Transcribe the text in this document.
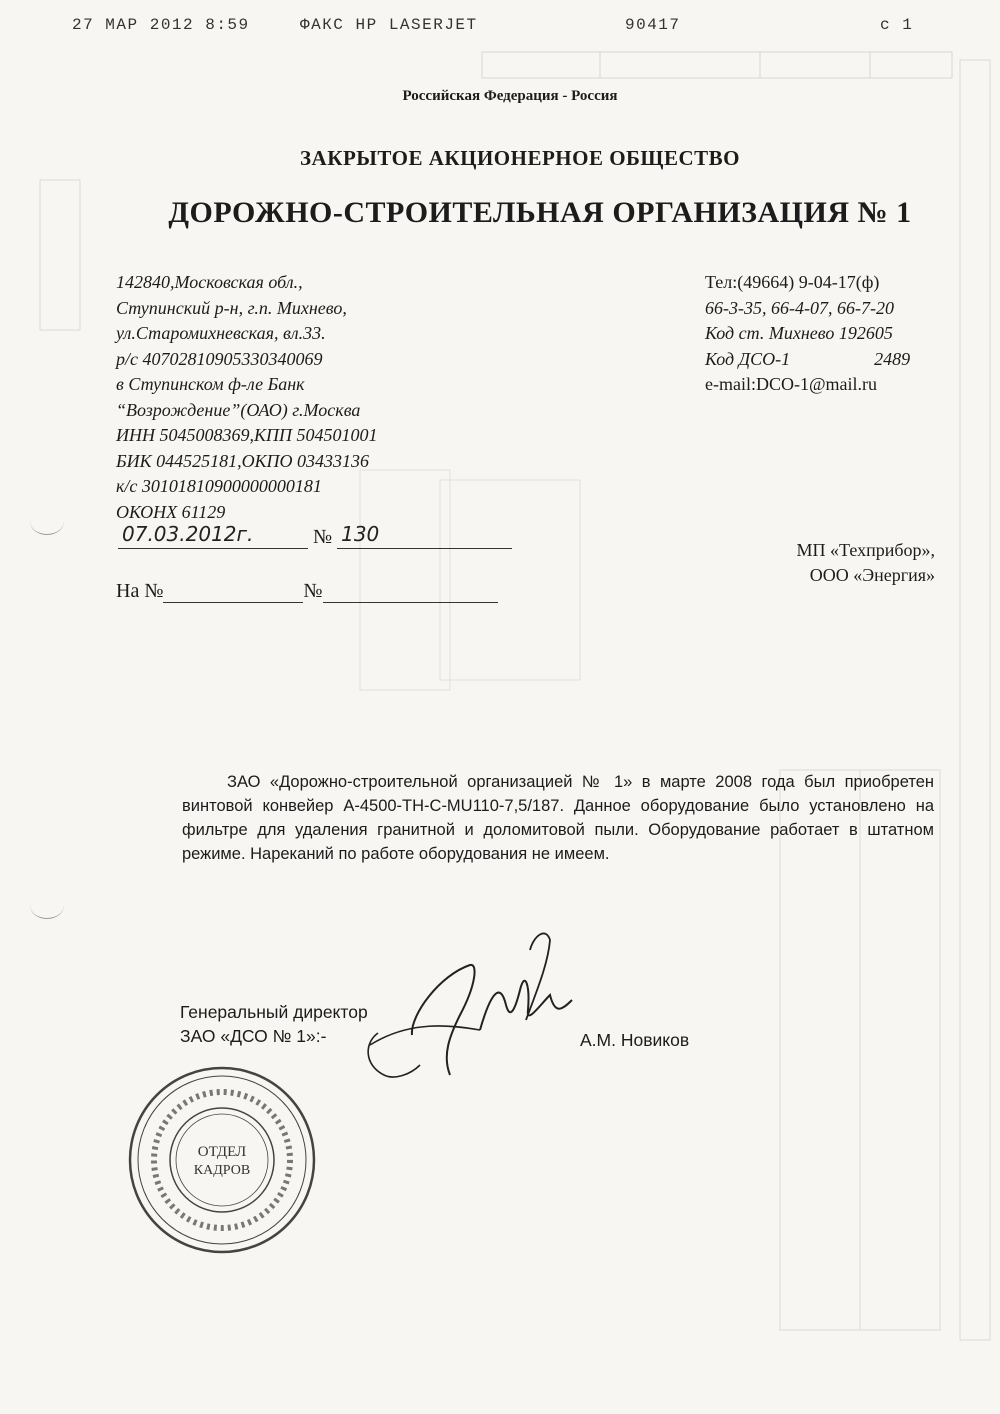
27 MAP 2012 8:59	ФАКС HP LASERJET	90417	с 1
Российская Федерация - Россия
ЗАКРЫТОЕ АКЦИОНЕРНОЕ ОБЩЕСТВО
ДОРОЖНО-СТРОИТЕЛЬНАЯ ОРГАНИЗАЦИЯ № 1
142840,Московская обл.,
Ступинский р-н, г.п. Михнево,
ул.Старомихневская, вл.33.
р/с 40702810905330340069
в Ступинском ф-ле Банк
“Возрождение”(ОАО) г.Москва
ИНН 5045008369,КПП 504501001
БИК 044525181,ОКПО 03433136
к/с 30101810900000000181
ОКОНХ 61129
Тел:(49664) 9-04-17(ф)
66-3-35, 66-4-07, 66-7-20
Код ст. Михнево 192605
Код ДСО-1	2489
e-mail:DCO-1@mail.ru
07.03.2012г.	№ 130
На №	№
МП «Техприбор»,
ООО «Энергия»

ЗАО «Дорожно-строительной организацией № 1» в марте 2008 года был приобретен винтовой конвейер А-4500-ТН-С-MU110-7,5/187. Данное оборудование было установлено на фильтре для удаления гранитной и доломитовой пыли. Оборудование работает в штатном режиме. Нареканий по работе оборудования не имеем.

Генеральный директор
ЗАО «ДСО № 1»:-	А.М. Новиков
ОТДЕЛ
КАДРОВ
